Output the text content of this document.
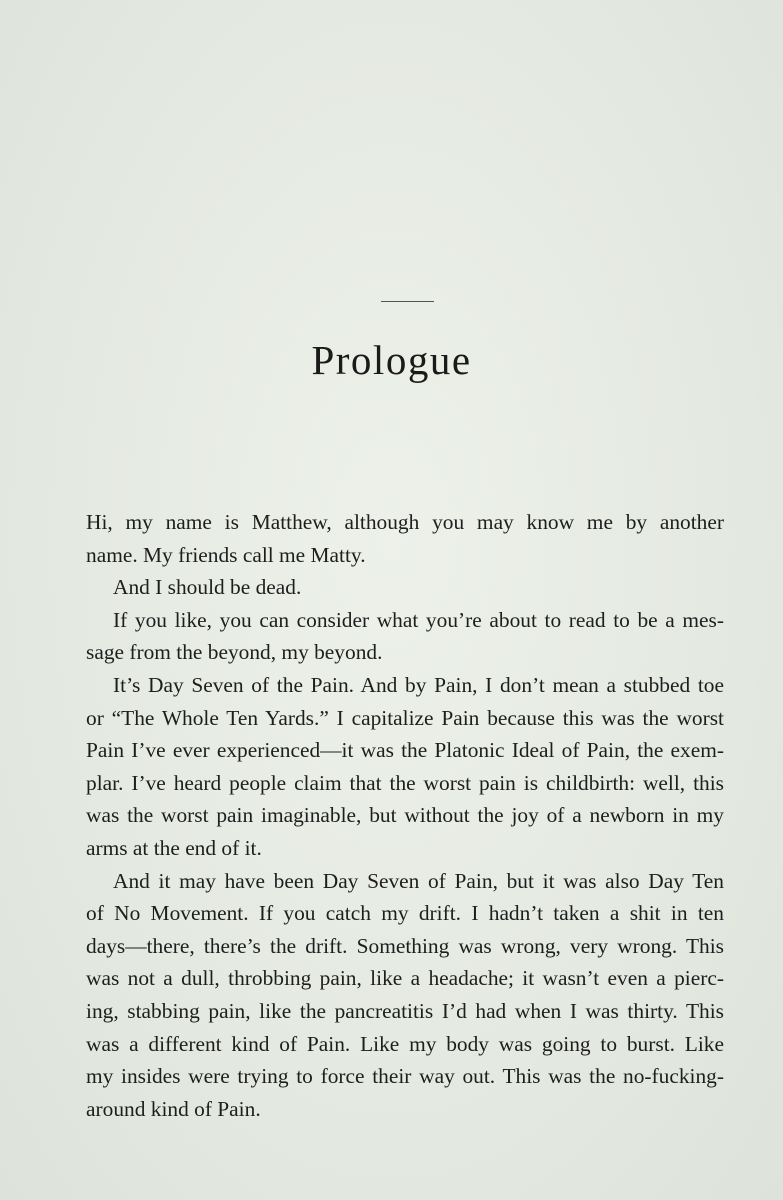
Prologue
Hi, my name is Matthew, although you may know me by another
name. My friends call me Matty.
And I should be dead.
If you like, you can consider what you’re about to read to be a mes-
sage from the beyond, my beyond.
It’s Day Seven of the Pain. And by Pain, I don’t mean a stubbed toe
or “The Whole Ten Yards.” I capitalize Pain because this was the worst
Pain I’ve ever experienced—it was the Platonic Ideal of Pain, the exem-
plar. I’ve heard people claim that the worst pain is childbirth: well, this
was the worst pain imaginable, but without the joy of a newborn in my
arms at the end of it.
And it may have been Day Seven of Pain, but it was also Day Ten
of No Movement. If you catch my drift. I hadn’t taken a shit in ten
days—there, there’s the drift. Something was wrong, very wrong. This
was not a dull, throbbing pain, like a headache; it wasn’t even a pierc-
ing, stabbing pain, like the pancreatitis I’d had when I was thirty. This
was a different kind of Pain. Like my body was going to burst. Like
my insides were trying to force their way out. This was the no-fucking-
around kind of Pain.
